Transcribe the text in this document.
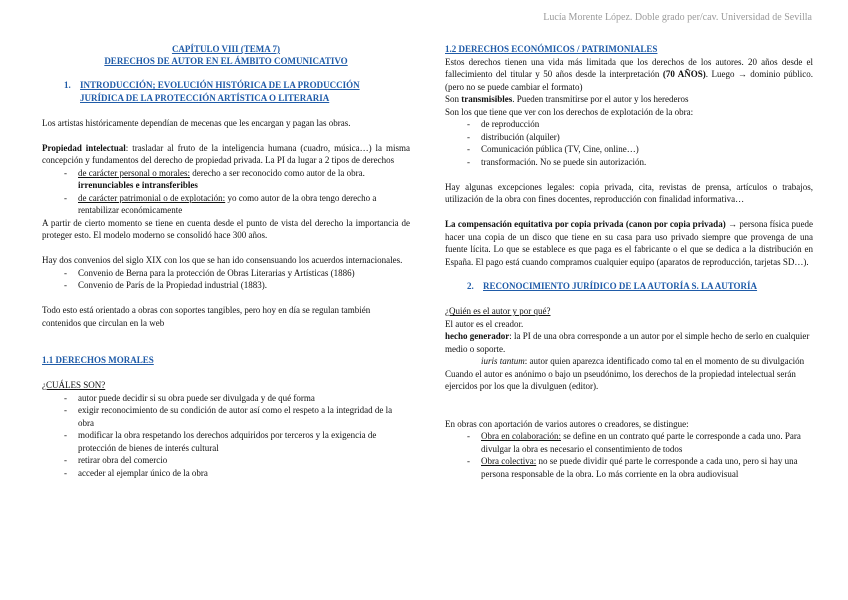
Lucía Morente López. Doble grado per/cav. Universidad de Sevilla
CAPÍTULO VIII (TEMA 7)
DERECHOS DE AUTOR EN EL ÁMBITO COMUNICATIVO
1. INTRODUCCIÓN; EVOLUCIÓN HISTÓRICA DE LA PRODUCCIÓN
JURÍDICA DE LA PROTECCIÓN ARTÍSTICA O LITERARIA

Los artistas históricamente dependían de mecenas que les encargan y pagan las obras.

Propiedad intelectual: trasladar al fruto de la inteligencia humana (cuadro, música…) la misma concepción y fundamentos del derecho de propiedad privada. La PI da lugar a 2 tipos de derechos

- de carácter personal o morales: derecho a ser reconocido como autor de la obra.
irrenunciables e intransferibles
- de carácter patrimonial o de explotación: yo como autor de la obra tengo derecho a rentabilizar económicamente

A partir de cierto momento se tiene en cuenta desde el punto de vista del derecho la importancia de proteger esto. El modelo moderno se consolidó hace 300 años.

Hay dos convenios del siglo XIX con los que se han ido consensuando los acuerdos internacionales.

- Convenio de Berna para la protección de Obras Literarias y Artísticas (1886)
- Convenio de París de la Propiedad industrial (1883).

Todo esto está orientado a obras con soportes tangibles, pero hoy en día se regulan también contenidos que circulan en la web

1.1 DERECHOS MORALES

¿CUÁLES SON?

- autor puede decidir si su obra puede ser divulgada y de qué forma
- exigir reconocimiento de su condición de autor así como el respeto a la integridad de la obra
- modificar la obra respetando los derechos adquiridos por terceros y la exigencia de protección de bienes de interés cultural
- retirar obra del comercio
- acceder al ejemplar único de la obra
1.2 DERECHOS ECONÓMICOS / PATRIMONIALES

Estos derechos tienen una vida más limitada que los derechos de los autores. 20 años desde el fallecimiento del titular y 50 años desde la interpretación (70 AÑOS). Luego → dominio público. (pero no se puede cambiar el formato)

Son transmisibles. Pueden transmitirse por el autor y los herederos

Son los que tiene que ver con los derechos de explotación de la obra:

- de reproducción
- distribución (alquiler)
- Comunicación pública (TV, Cine, online…)
- transformación. No se puede sin autorización.

Hay algunas excepciones legales: copia privada, cita, revistas de prensa, artículos o trabajos, utilización de la obra con fines docentes, reproducción con finalidad informativa…

La compensación equitativa por copia privada (canon por copia privada) → persona física puede hacer una copia de un disco que tiene en su casa para uso privado siempre que provenga de una fuente lícita. Lo que se establece es que paga es el fabricante o el que se dedica a la distribución en España. El pago está cuando compramos cualquier equipo (aparatos de reproducción, tarjetas SD…).

2. RECONOCIMIENTO JURÍDICO DE LA AUTORÍA S. LA AUTORÍA

¿Quién es el autor y por qué?

El autor es el creador.

hecho generador: la PI de una obra corresponde a un autor por el simple hecho de serlo en cualquier medio o soporte.

iuris tantum: autor quien aparezca identificado como tal en el momento de su divulgación

Cuando el autor es anónimo o bajo un pseudónimo, los derechos de la propiedad intelectual serán ejercidos por los que la divulguen (editor).

En obras con aportación de varios autores o creadores, se distingue:

- Obra en colaboración: se define en un contrato qué parte le corresponde a cada uno. Para divulgar la obra es necesario el consentimiento de todos
- Obra colectiva: no se puede dividir qué parte le corresponde a cada uno, pero si hay una persona responsable de la obra. Lo más corriente en la obra audiovisual
